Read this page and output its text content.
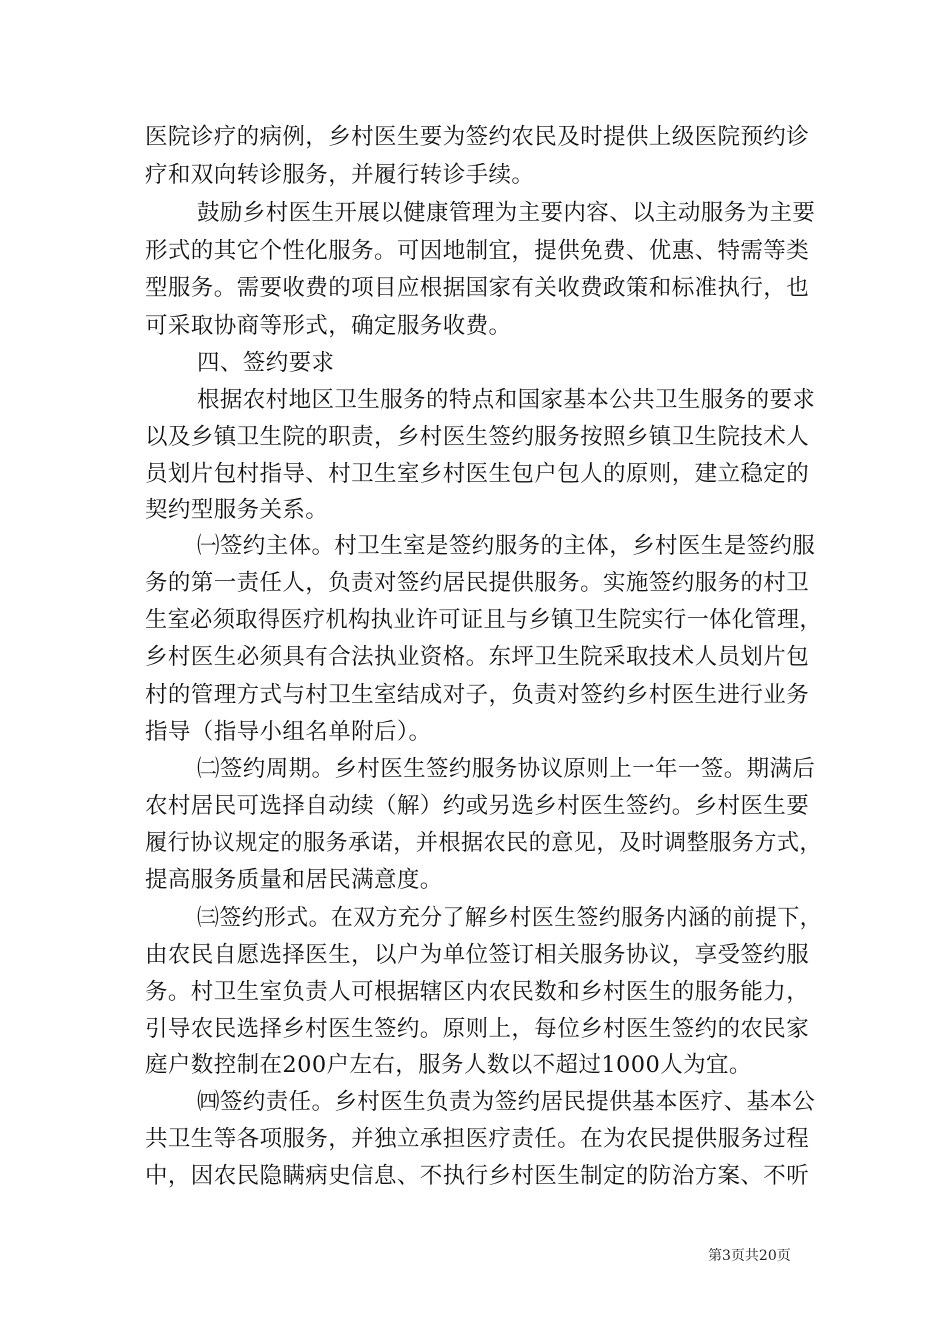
医院诊疗的病例，乡村医生要为签约农民及时提供上级医院预约诊
疗和双向转诊服务，并履行转诊手续。
鼓励乡村医生开展以健康管理为主要内容、以主动服务为主要
形式的其它个性化服务。可因地制宜，提供免费、优惠、特需等类
型服务。需要收费的项目应根据国家有关收费政策和标准执行，也
可采取协商等形式，确定服务收费。
四、签约要求
根据农村地区卫生服务的特点和国家基本公共卫生服务的要求
以及乡镇卫生院的职责，乡村医生签约服务按照乡镇卫生院技术人
员划片包村指导、村卫生室乡村医生包户包人的原则，建立稳定的
契约型服务关系。
㈠签约主体。村卫生室是签约服务的主体，乡村医生是签约服
务的第一责任人，负责对签约居民提供服务。实施签约服务的村卫
生室必须取得医疗机构执业许可证且与乡镇卫生院实行一体化管理，
乡村医生必须具有合法执业资格。东坪卫生院采取技术人员划片包
村的管理方式与村卫生室结成对子，负责对签约乡村医生进行业务
指导（指导小组名单附后）。
㈡签约周期。乡村医生签约服务协议原则上一年一签。期满后
农村居民可选择自动续（解）约或另选乡村医生签约。乡村医生要
履行协议规定的服务承诺，并根据农民的意见，及时调整服务方式，
提高服务质量和居民满意度。
㈢签约形式。在双方充分了解乡村医生签约服务内涵的前提下，
由农民自愿选择医生，以户为单位签订相关服务协议，享受签约服
务。村卫生室负责人可根据辖区内农民数和乡村医生的服务能力，
引导农民选择乡村医生签约。原则上，每位乡村医生签约的农民家
庭户数控制在200户左右，服务人数以不超过1000人为宜。
㈣签约责任。乡村医生负责为签约居民提供基本医疗、基本公
共卫生等各项服务，并独立承担医疗责任。在为农民提供服务过程
中，因农民隐瞒病史信息、不执行乡村医生制定的防治方案、不听
第3页共20页
